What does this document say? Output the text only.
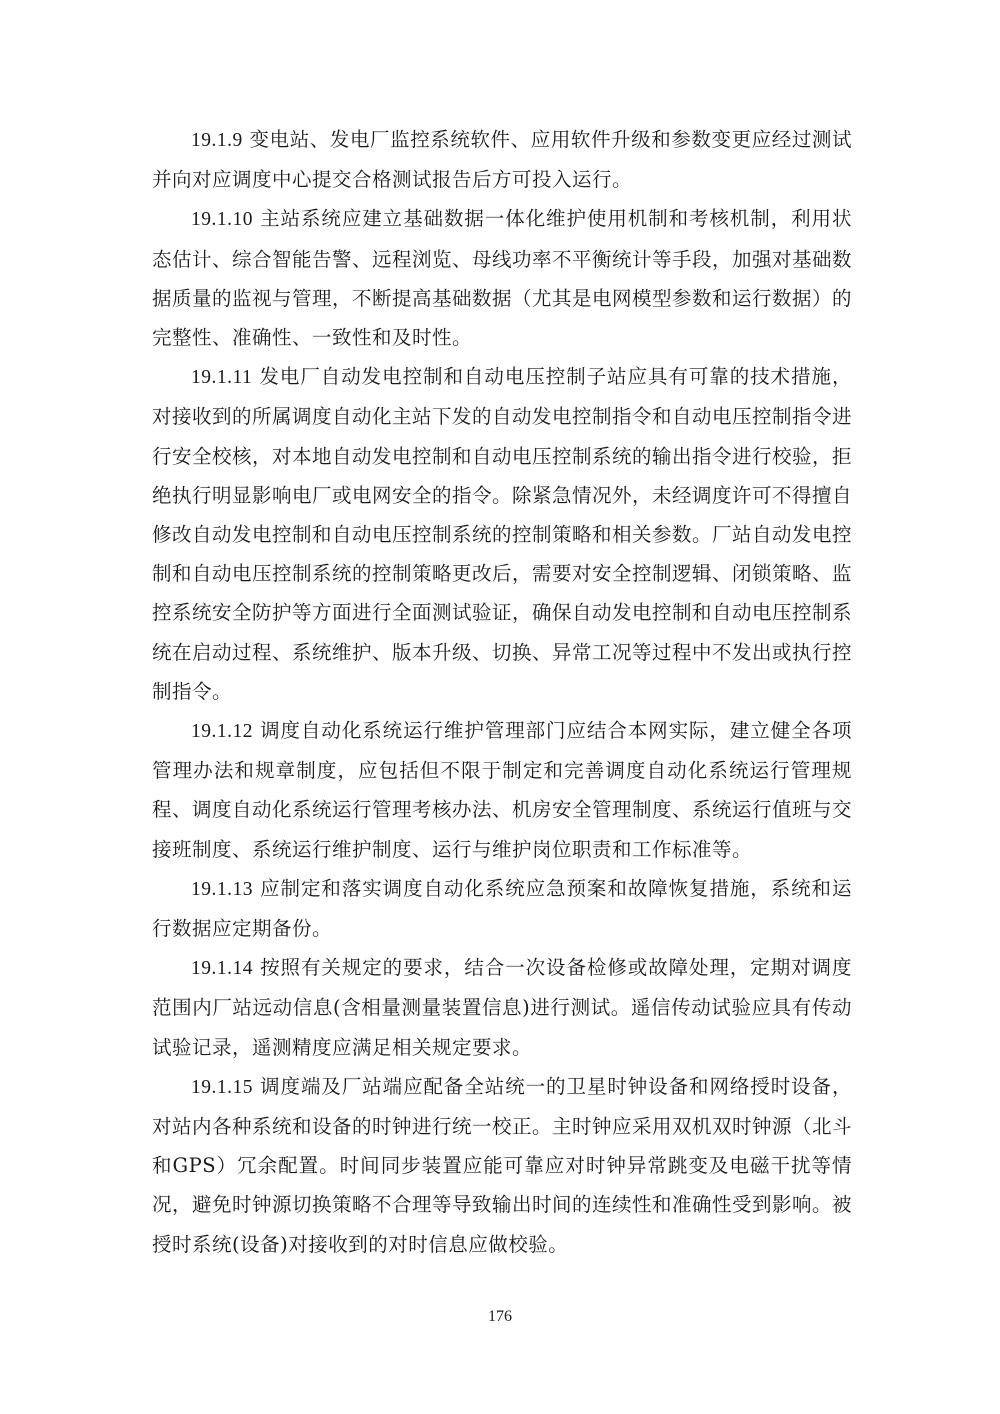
19.1.9 变电站、发电厂监控系统软件、应用软件升级和参数变更应经过测试并向对应调度中心提交合格测试报告后方可投入运行。

19.1.10 主站系统应建立基础数据一体化维护使用机制和考核机制，利用状态估计、综合智能告警、远程浏览、母线功率不平衡统计等手段，加强对基础数据质量的监视与管理，不断提高基础数据（尤其是电网模型参数和运行数据）的完整性、准确性、一致性和及时性。

19.1.11 发电厂自动发电控制和自动电压控制子站应具有可靠的技术措施，对接收到的所属调度自动化主站下发的自动发电控制指令和自动电压控制指令进行安全校核，对本地自动发电控制和自动电压控制系统的输出指令进行校验，拒绝执行明显影响电厂或电网安全的指令。除紧急情况外，未经调度许可不得擅自修改自动发电控制和自动电压控制系统的控制策略和相关参数。厂站自动发电控制和自动电压控制系统的控制策略更改后，需要对安全控制逻辑、闭锁策略、监控系统安全防护等方面进行全面测试验证，确保自动发电控制和自动电压控制系统在启动过程、系统维护、版本升级、切换、异常工况等过程中不发出或执行控制指令。

19.1.12 调度自动化系统运行维护管理部门应结合本网实际，建立健全各项管理办法和规章制度，应包括但不限于制定和完善调度自动化系统运行管理规程、调度自动化系统运行管理考核办法、机房安全管理制度、系统运行值班与交接班制度、系统运行维护制度、运行与维护岗位职责和工作标准等。

19.1.13 应制定和落实调度自动化系统应急预案和故障恢复措施，系统和运行数据应定期备份。

19.1.14 按照有关规定的要求，结合一次设备检修或故障处理，定期对调度范围内厂站远动信息(含相量测量装置信息)进行测试。遥信传动试验应具有传动试验记录，遥测精度应满足相关规定要求。

19.1.15 调度端及厂站端应配备全站统一的卫星时钟设备和网络授时设备，对站内各种系统和设备的时钟进行统一校正。主时钟应采用双机双时钟源（北斗和GPS）冗余配置。时间同步装置应能可靠应对时钟异常跳变及电磁干扰等情况，避免时钟源切换策略不合理等导致输出时间的连续性和准确性受到影响。被授时系统(设备)对接收到的对时信息应做校验。

176
